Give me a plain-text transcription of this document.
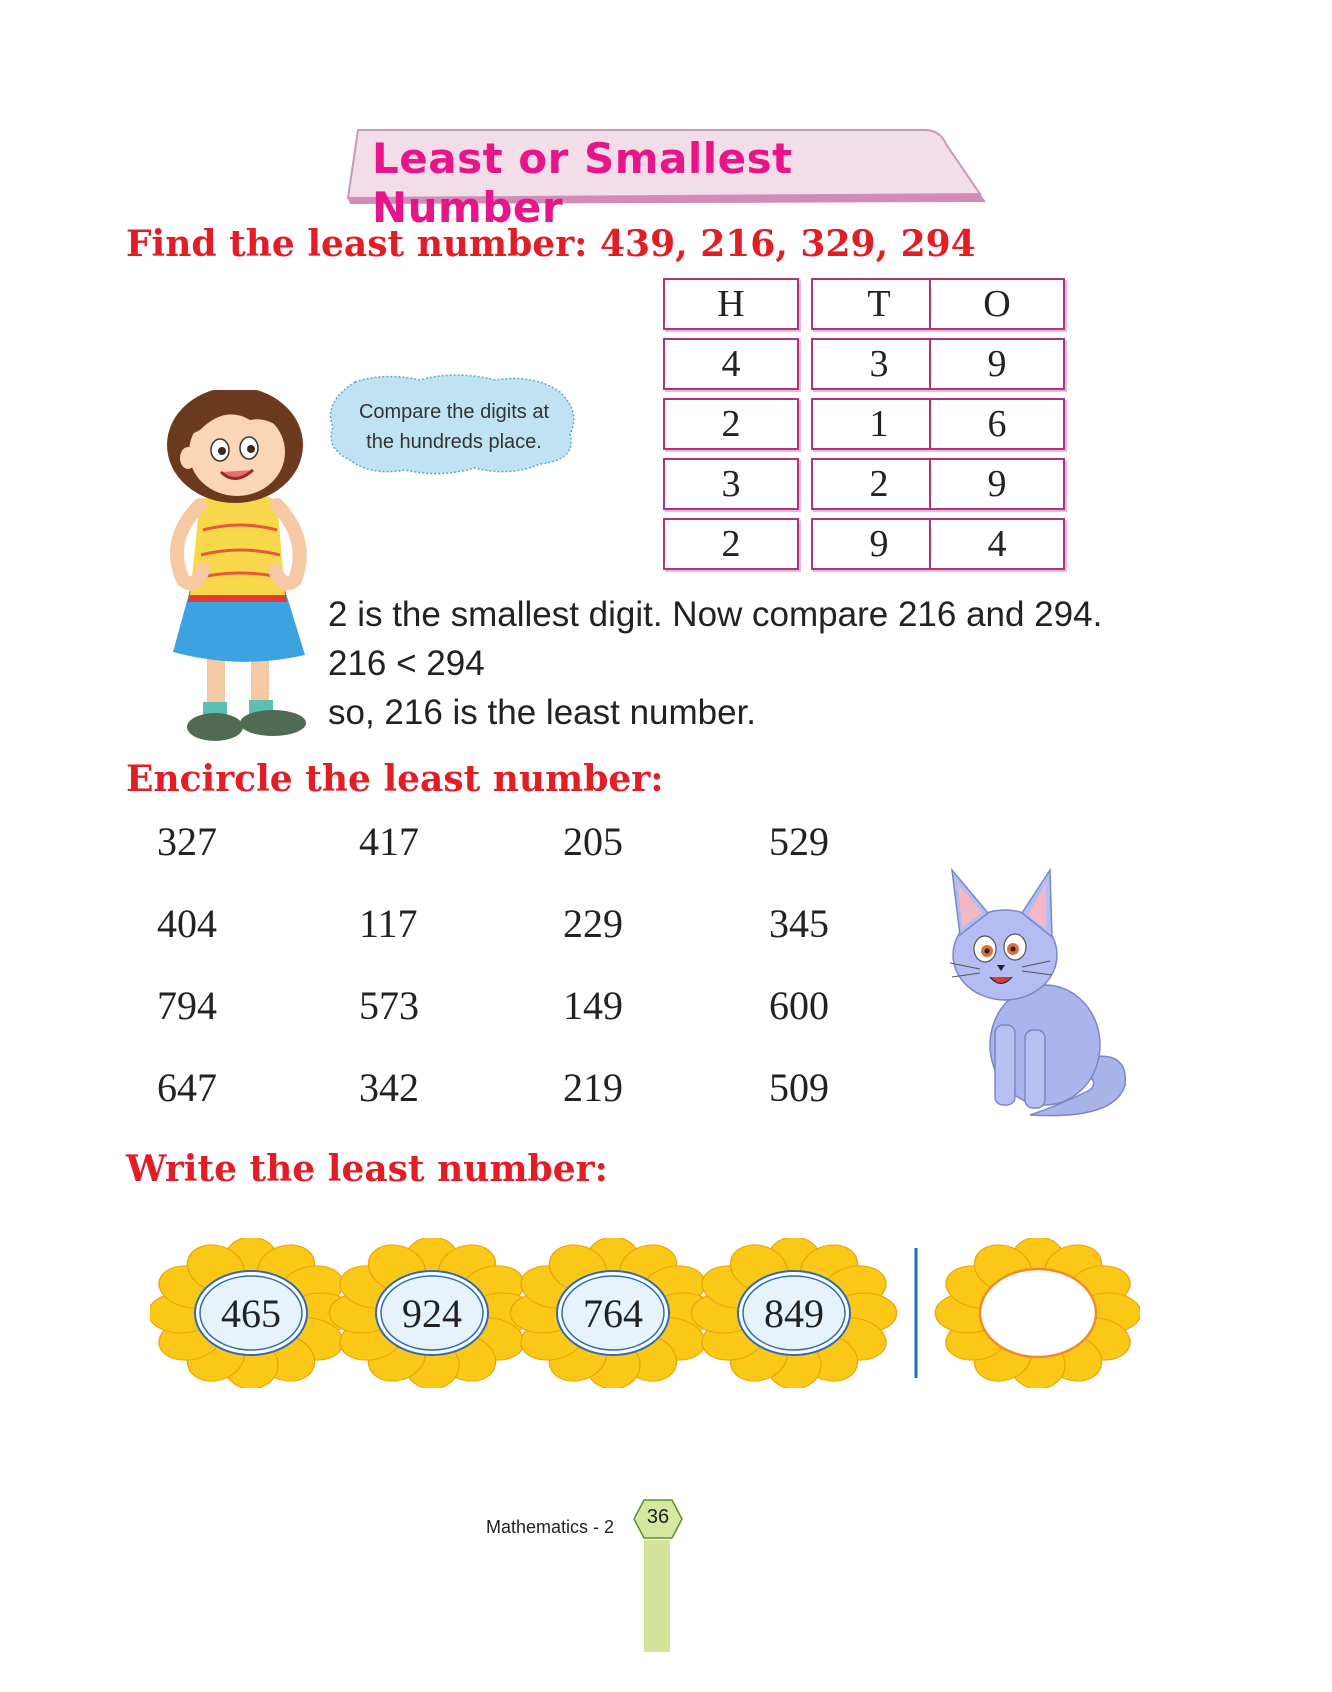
Least or Smallest Number
Find the least number: 439, 216, 329, 294
Compare the digits at
the hundreds place.
H	T	O
4	3	9
2	1	6
3	2	9
2	9	4
2 is the smallest digit. Now compare 216 and 294.
216 < 294
so, 216 is the least number.
Encircle the least number:
327	417	205	529
404	117	229	345
794	573	149	600
647	342	219	509
Write the least number:
465	924	764	849
Mathematics - 2	36
